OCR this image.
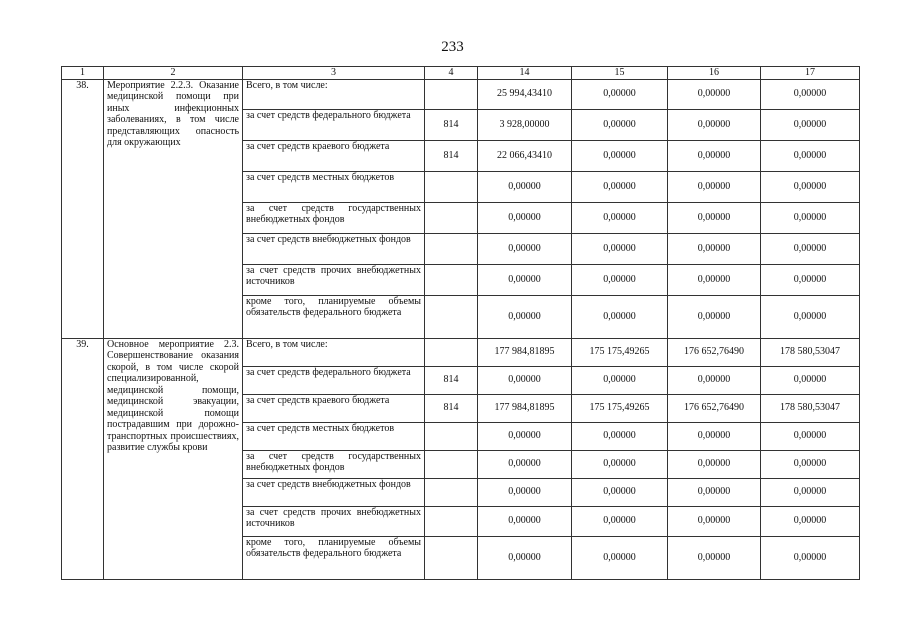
233
1	2	3	4	14	15	16	17
38.	Мероприятие 2.2.3. Оказание медицинской помощи при иных инфекционных заболеваниях, в том числе представляющих опасность для окружающих	Всего, в том числе:		25 994,43410	0,00000	0,00000	0,00000
		за счет средств федерального бюджета	814	3 928,00000	0,00000	0,00000	0,00000
		за счет средств краевого бюджета	814	22 066,43410	0,00000	0,00000	0,00000
		за счет средств местных бюджетов		0,00000	0,00000	0,00000	0,00000
		за счет средств государственных внебюджетных фондов		0,00000	0,00000	0,00000	0,00000
		за счет средств внебюджетных фондов		0,00000	0,00000	0,00000	0,00000
		за счет средств прочих внебюджетных источников		0,00000	0,00000	0,00000	0,00000
		кроме того, планируемые объемы обязательств федерального бюджета		0,00000	0,00000	0,00000	0,00000
39.	Основное мероприятие 2.3. Совершенствование оказания скорой, в том числе скорой специализированной, медицинской помощи, медицинской эвакуации, медицинской помощи пострадавшим при дорожно-транспортных происшествиях, развитие службы крови	Всего, в том числе:		177 984,81895	175 175,49265	176 652,76490	178 580,53047
		за счет средств федерального бюджета	814	0,00000	0,00000	0,00000	0,00000
		за счет средств краевого бюджета	814	177 984,81895	175 175,49265	176 652,76490	178 580,53047
		за счет средств местных бюджетов		0,00000	0,00000	0,00000	0,00000
		за счет средств государственных внебюджетных фондов		0,00000	0,00000	0,00000	0,00000
		за счет средств внебюджетных фондов		0,00000	0,00000	0,00000	0,00000
		за счет средств прочих внебюджетных источников		0,00000	0,00000	0,00000	0,00000
		кроме того, планируемые объемы обязательств федерального бюджета		0,00000	0,00000	0,00000	0,00000
